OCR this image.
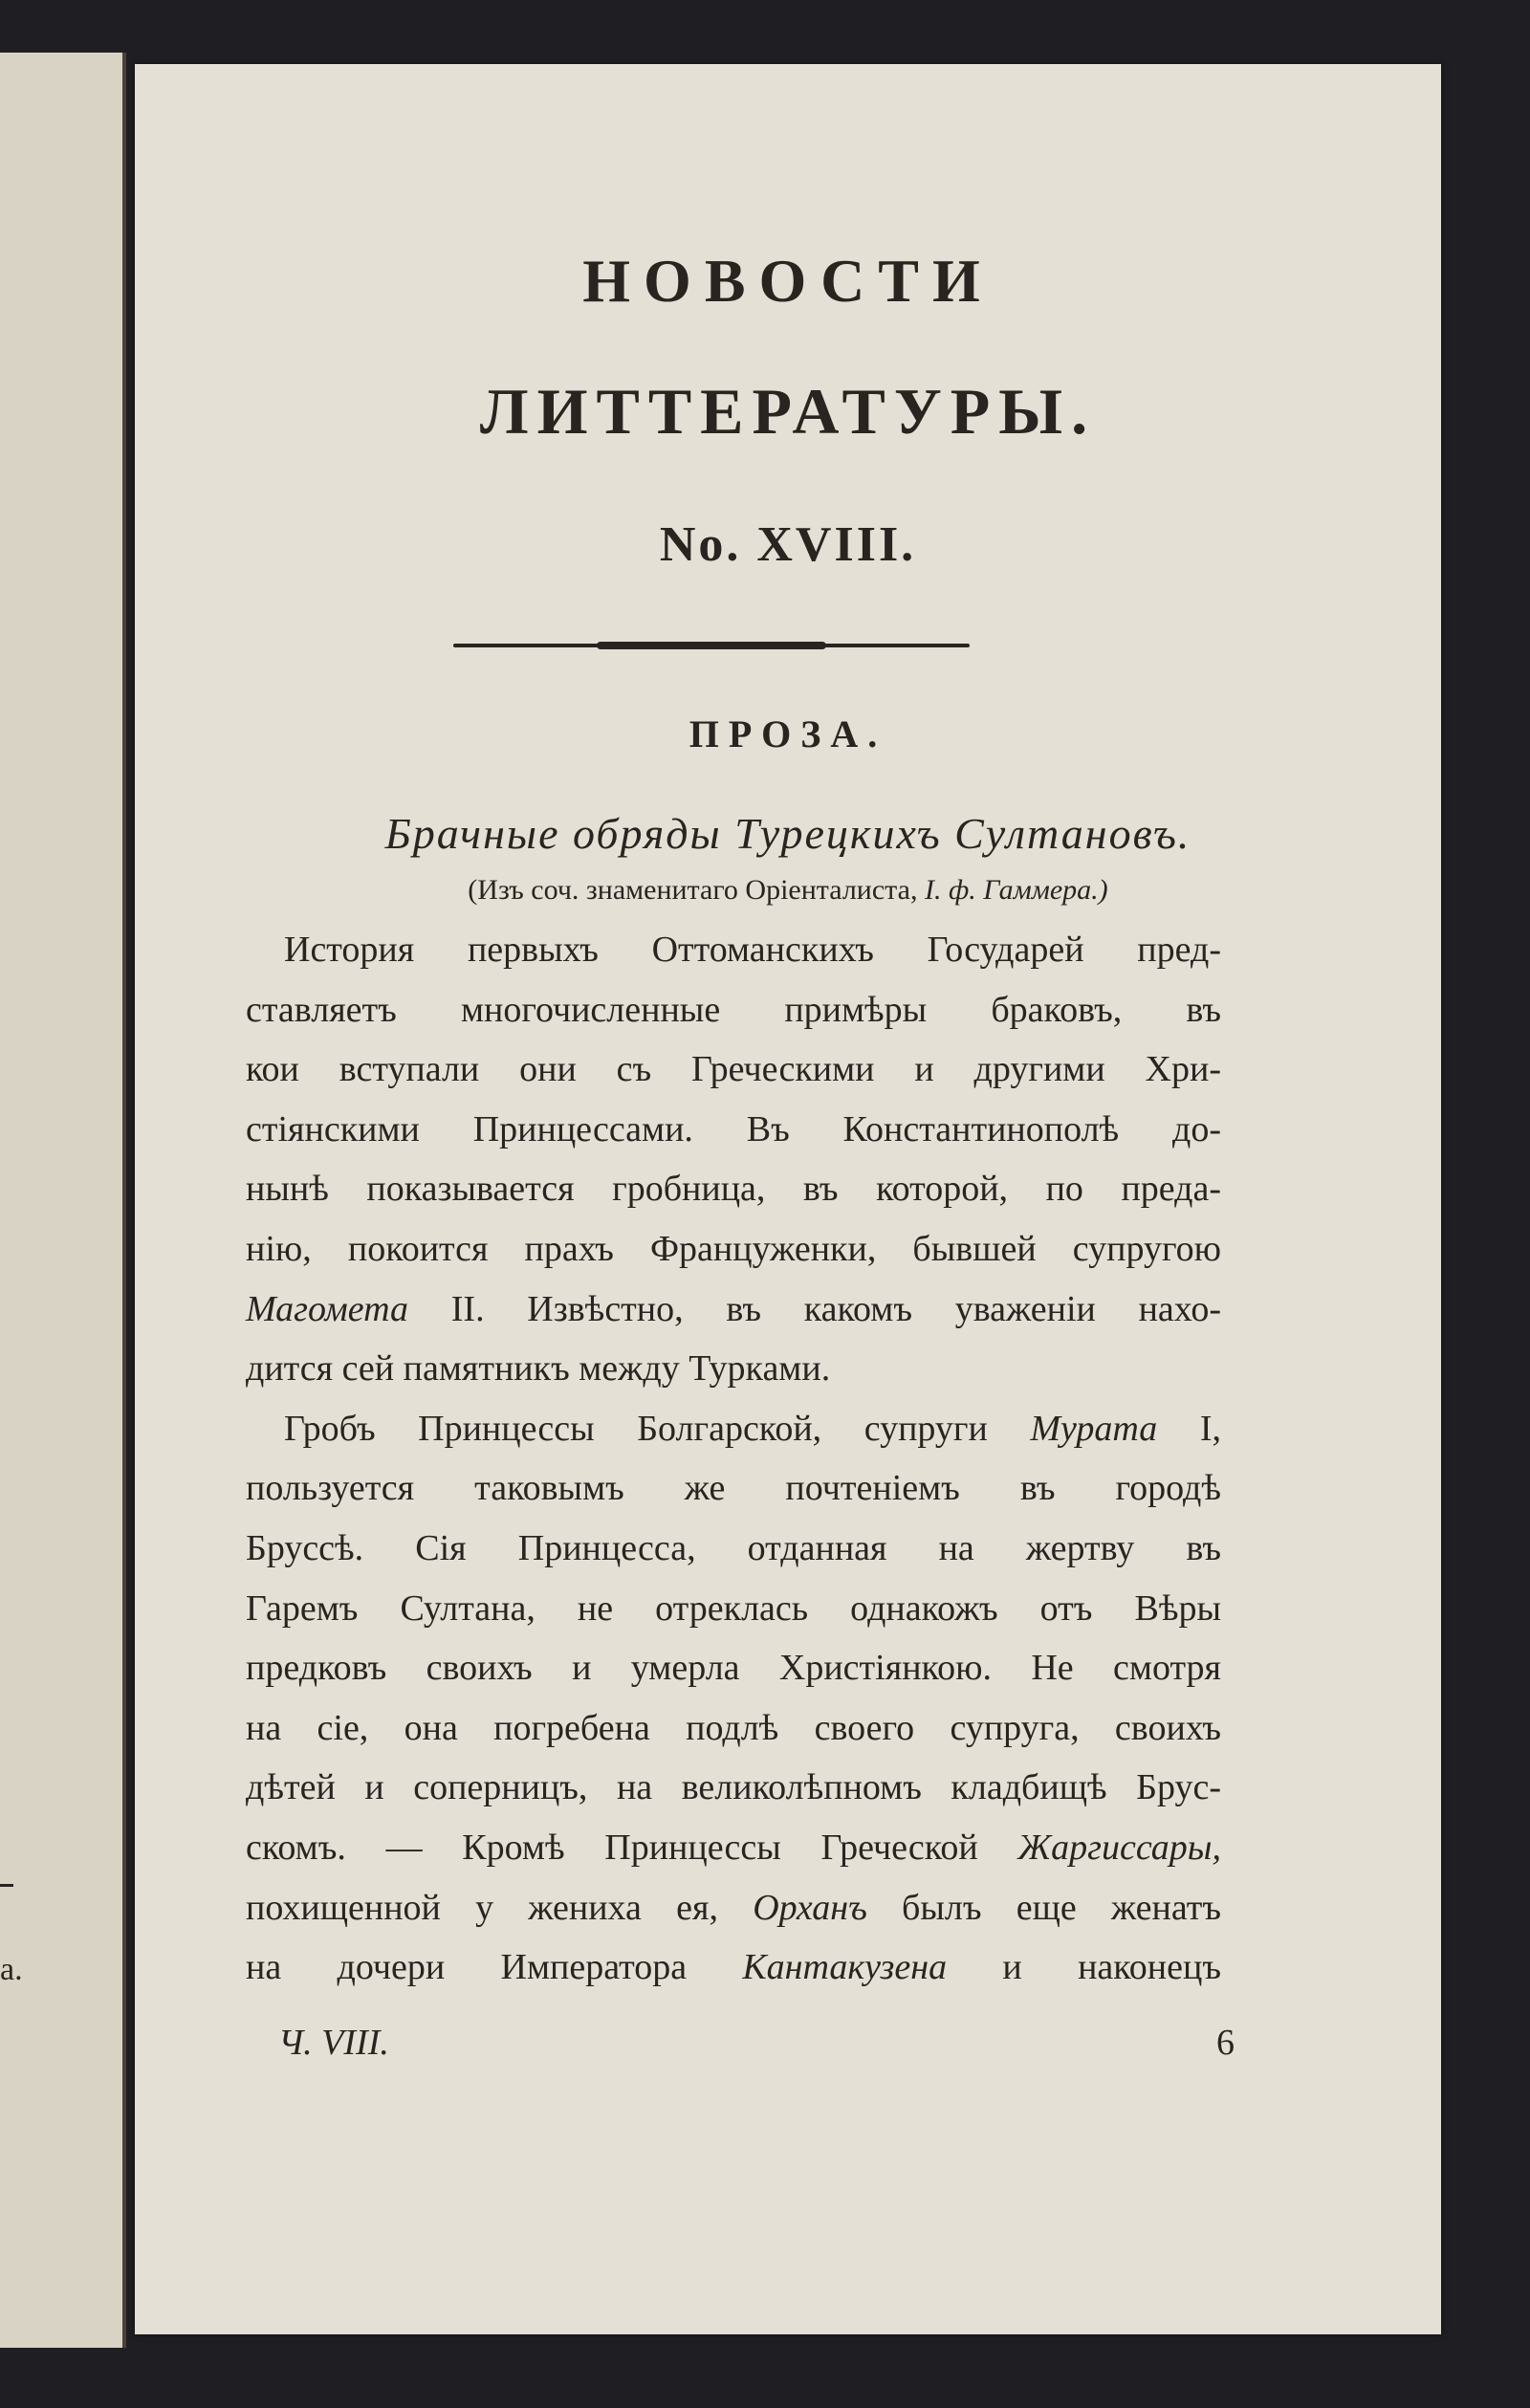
а.
НОВОСТИ
ЛИТТЕРАТУРЫ.
No. XVIII.
ПРОЗА.
Брачные обряды Турецкихъ Султановъ.
(Изъ соч. знаменитаго Оріенталиста, I. ф. Гаммера.)
История первыхъ Оттоманскихъ Государей пред-
ставляетъ многочисленные примѣры браковъ, въ
кои вступали они съ Греческими и другими Хри-
стіянскими Принцессами. Въ Константинополѣ до-
нынѣ показывается гробница, въ которой, по преда-
нію, покоится прахъ Француженки, бывшей супругою
Магомета II. Извѣстно, въ какомъ уваженіи нахо-
дится сей памятникъ между Турками.
Гробъ Принцессы Болгарской, супруги Мурата I,
пользуется таковымъ же почтеніемъ въ городѣ
Бруссѣ. Сія Принцесса, отданная на жертву въ
Гаремъ Султана, не отреклась однакожъ отъ Вѣры
предковъ своихъ и умерла Христіянкою. Не смотря
на сіе, она погребена подлѣ своего супруга, своихъ
дѣтей и соперницъ, на великолѣпномъ кладбищѣ Брус-
скомъ. — Кромѣ Принцессы Греческой Жаргиссары,
похищенной у жениха ея, Орханъ былъ еще женатъ
на дочери Императора Кантакузена и наконецъ
Ч. VIII.	6
